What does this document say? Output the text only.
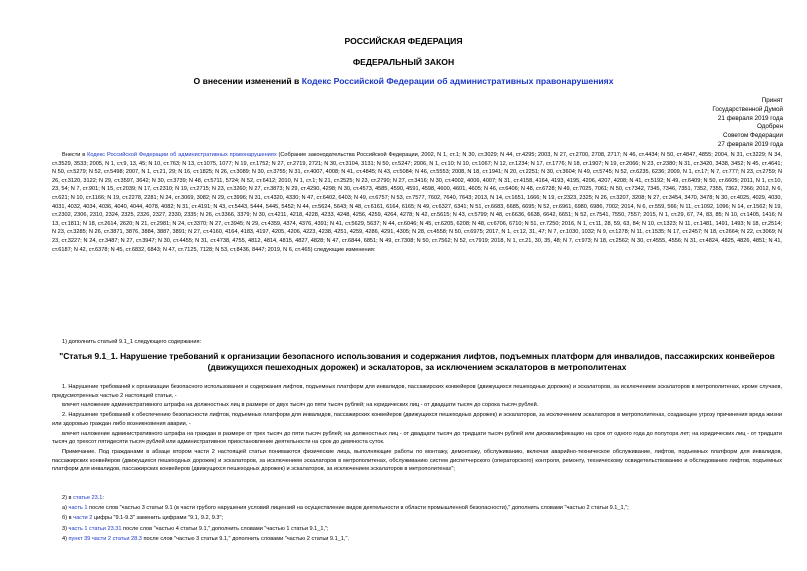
РОССИЙСКАЯ ФЕДЕРАЦИЯ
ФЕДЕРАЛЬНЫЙ ЗАКОН
О внесении изменений в Кодекс Российской Федерации об административных правонарушениях
Принят
Государственной Думой
21 февраля 2019 года
Одобрен
Советом Федерации
27 февраля 2019 года

Внести в Кодекс Российской Федерации об административных правонарушениях (Собрание законодательства Российской Федерации, 2002, N 1, ст.1; N 30, ст.3029; N 44, ст.4295; 2003, N 27, ст.2700, 2708, 2717; N 46, ст.4434; N 50, ст.4847, 4855; 2004, N 31, ст.3229; N 34, ст.3529, 3533; 2005, N 1, ст.9, 13, 45; N 10, ст.763; N 13, ст.1075, 1077; N 19, ст.1752; N 27, ст.2719, 2721; N 30, ст.3104, 3131; N 50, ст.5247; 2006, N 1, ст.10; N 10, ст.1067; N 12, ст.1234; N 17, ст.1776; N 18, ст.1907; N 19, ст.2066; N 23, ст.2380; N 31, ст.3420, 3438, 3452; N 45, ст.4641; N 50, ст.5279; N 52, ст.5498; 2007, N 1, ст.21, 29; N 16, ст.1825; N 26, ст.3089; N 30, ст.3755; N 31, ст.4007, 4008; N 41, ст.4845; N 43, ст.5084; N 46, ст.5553; 2008, N 18, ст.1941; N 20, ст.2251; N 30, ст.3604; N 49, ст.5745; N 52, ст.6235, 6236; 2009, N 1, ст.17; N 7, ст.777; N 23, ст.2759; N 26, ст.3120, 3122; N 29, ст.3597, 3642; N 30, ст.3739; N 48, ст.5711, 5724; N 52, ст.6412; 2010, N 1, ст.1; N 21, ст.2525; N 23, ст.2790; N 27, ст.3416; N 30, ст.4002, 4006, 4007; N 31, ст.4158, 4164, 4193, 4195, 4206, 4207, 4208; N 41, ст.5192; N 49, ст.6409; N 50, ст.6605; 2011, N 1, ст.10, 23, 54; N 7, ст.901; N 15, ст.2039; N 17, ст.2310; N 19, ст.2715; N 23, ст.3260; N 27, ст.3873; N 29, ст.4290, 4298; N 30, ст.4573, 4585, 4590, 4591, 4598, 4600, 4601, 4605; N 46, ст.6406; N 48, ст.6728; N 49, ст.7025, 7061; N 50, ст.7342, 7345, 7346, 7351, 7352, 7355, 7362, 7366; 2012, N 6, ст.621; N 10, ст.1166; N 19, ст.2278, 2281; N 24, ст.3069, 3082; N 29, ст.3996; N 31, ст.4320, 4330; N 47, ст.6402, 6403; N 49, ст.6757; N 53, ст.7577, 7602, 7640, 7643; 2013, N 14, ст.1651, 1666; N 19, ст.2323, 2325; N 26, ст.3207, 3208; N 27, ст.3454, 3470, 3478; N 30, ст.4025, 4029, 4030, 4031, 4032, 4034, 4036, 4040, 4044, 4078, 4082; N 31, ст.4191; N 43, ст.5443, 5444, 5445, 5452; N 44, ст.5624, 5643; N 48, ст.6161, 6164, 6165; N 49, ст.6327, 6341; N 51, ст.6683, 6685, 6695; N 52, ст.6961, 6980, 6986, 7002; 2014, N 6, ст.559, 566; N 11, ст.1092, 1096; N 14, ст.1562; N 19, ст.2302, 2306, 2310, 2324, 2325, 2326, 2327, 2330, 2335; N 26, ст.3366, 3379; N 30, ст.4211, 4218, 4228, 4233, 4248, 4256, 4259, 4264, 4278; N 42, ст.5615; N 43, ст.5799; N 48, ст.6636, 6638, 6642, 6651; N 52, ст.7541, 7550, 7557; 2015, N 1, ст.29, 67, 74, 83, 85; N 10, ст.1405, 1416; N 13, ст.1811; N 18, ст.2614, 2620; N 21, ст.2981; N 24, ст.3370; N 27, ст.3945; N 29, ст.4359, 4374, 4376, 4391; N 41, ст.5629, 5637; N 44, ст.6046; N 45, ст.6205, 6208; N 48, ст.6706, 6710; N 51, ст.7250; 2016, N 1, ст.11, 28, 59, 63, 84; N 10, ст.1323; N 11, ст.1481, 1491, 1493; N 18, ст.2514; N 23, ст.3285; N 26, ст.3871, 3876, 3884, 3887, 3891; N 27, ст.4160, 4164, 4183, 4197, 4205, 4206, 4223, 4238, 4251, 4259, 4286, 4291, 4305; N 28, ст.4558; N 50, ст.6975; 2017, N 1, ст.12, 31, 47; N 7, ст.1030, 1032; N 9, ст.1278; N 11, ст.1535; N 17, ст.2457; N 18, ст.2664; N 22, ст.3069; N 23, ст.3227; N 24, ст.3487; N 27, ст.3947; N 30, ст.4455; N 31, ст.4738, 4755, 4812, 4814, 4815, 4827, 4828; N 47, ст.6844, 6851; N 49, ст.7308; N 50, ст.7562; N 52, ст.7919; 2018, N 1, ст.21, 30, 35, 48; N 7, ст.973; N 18, ст.2562; N 30, ст.4555, 4556; N 31, ст.4824, 4825, 4826, 4851; N 41, ст.6187; N 42, ст.6378; N 45, ст.6832, 6843; N 47, ст.7125, 7128; N 53, ст.8436, 8447; 2019, N 6, ст.465) следующие изменения:

1) дополнить статьей 9.1_1 следующего содержания:
"Статья 9.1_1. Нарушение требований к организации безопасного использования и содержания лифтов, подъемных платформ для инвалидов, пассажирских конвейеров (движущихся пешеходных дорожек) и эскалаторов, за исключением эскалаторов в метрополитенах

1. Нарушение требований к организации безопасного использования и содержания лифтов, подъемных платформ для инвалидов, пассажирских конвейеров (движущихся пешеходных дорожек) и эскалаторов, за исключением эскалаторов в метрополитенах, кроме случаев, предусмотренных частью 2 настоящей статьи, -

влечет наложение административного штрафа на должностных лиц в размере от двух тысяч до пяти тысяч рублей; на юридических лиц - от двадцати тысяч до сорока тысяч рублей.

2. Нарушение требований к обеспечению безопасности лифтов, подъемных платформ для инвалидов, пассажирских конвейеров (движущихся пешеходных дорожек) и эскалаторов, за исключением эскалаторов в метрополитенах, создающее угрозу причинения вреда жизни или здоровью граждан либо возникновения аварии, -

влечет наложение административного штрафа на граждан в размере от трех тысяч до пяти тысяч рублей; на должностных лиц - от двадцати тысяч до тридцати тысяч рублей или дисквалификацию на срок от одного года до полутора лет; на юридических лиц - от тридцати тысяч до трехсот пятидесяти тысяч рублей или административное приостановление деятельности на срок до девяноста суток.

Примечание. Под гражданами в абзаце втором части 2 настоящей статьи понимаются физические лица, выполняющие работы по монтажу, демонтажу, обслуживанию, включая аварийно-техническое обслуживание, лифтов, подъемных платформ для инвалидов, пассажирских конвейеров (движущихся пешеходных дорожек) и эскалаторов, за исключением эскалаторов в метрополитенах, обслуживанию систем диспетчерского (операторского) контроля, ремонту, техническому освидетельствованию и обследованию лифтов, подъемных платформ для инвалидов, пассажирских конвейеров (движущихся пешеходных дорожек) и эскалаторов, за исключением эскалаторов в метрополитенах";

2) в статье 23.1:

а) часть 1 после слов "частью 3 статьи 9.1 (в части грубого нарушения условий лицензий на осуществление видов деятельности в области промышленной безопасности)," дополнить словами "частью 2 статьи 9.1_1,";

б) в части 2 цифры "9.1-9.3" заменить цифрами "9.1, 9.2, 9.3";

3) часть 1 статьи 23.31 после слов "частью 4 статьи 9.1," дополнить словами "частью 1 статьи 9.1_1,";

4) пункт 39 части 2 статьи 28.3 после слов "частью 3 статьи 9.1," дополнить словами "частью 2 статьи 9.1_1,".
